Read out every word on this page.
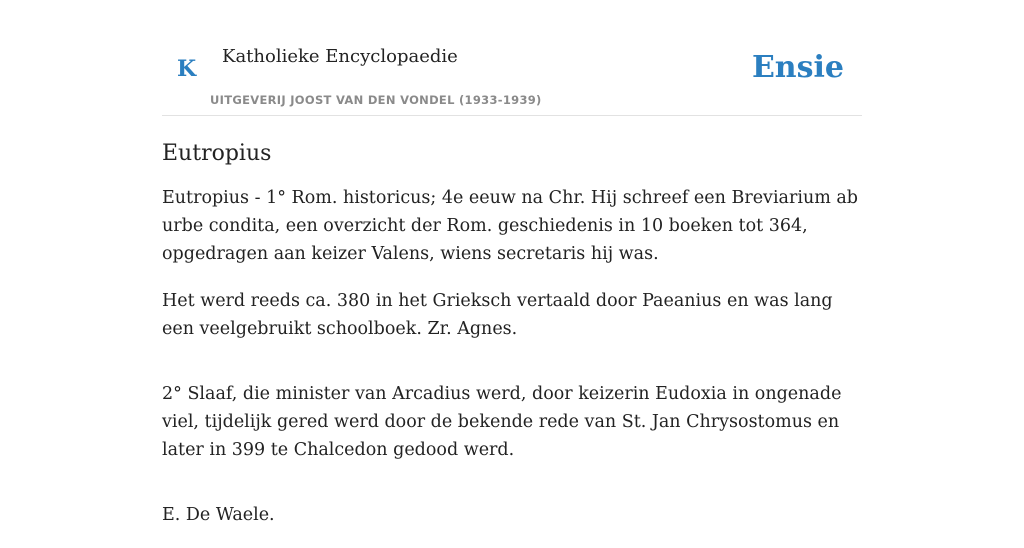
K Katholieke Encyclopaedie
UITGEVERIJ JOOST VAN DEN VONDEL (1933-1939)
Ensie
Eutropius

Eutropius - 1° Rom. historicus; 4e eeuw na Chr. Hij schreef een Breviarium ab urbe condita, een overzicht der Rom. geschiedenis in 10 boeken tot 364, opgedragen aan keizer Valens, wiens secretaris hij was.

Het werd reeds ca. 380 in het Grieksch vertaald door Paeanius en was lang een veelgebruikt schoolboek. Zr. Agnes.

2° Slaaf, die minister van Arcadius werd, door keizerin Eudoxia in ongenade viel, tijdelijk gered werd door de bekende rede van St. Jan Chrysostomus en later in 399 te Chalcedon gedood werd.

E. De Waele.
